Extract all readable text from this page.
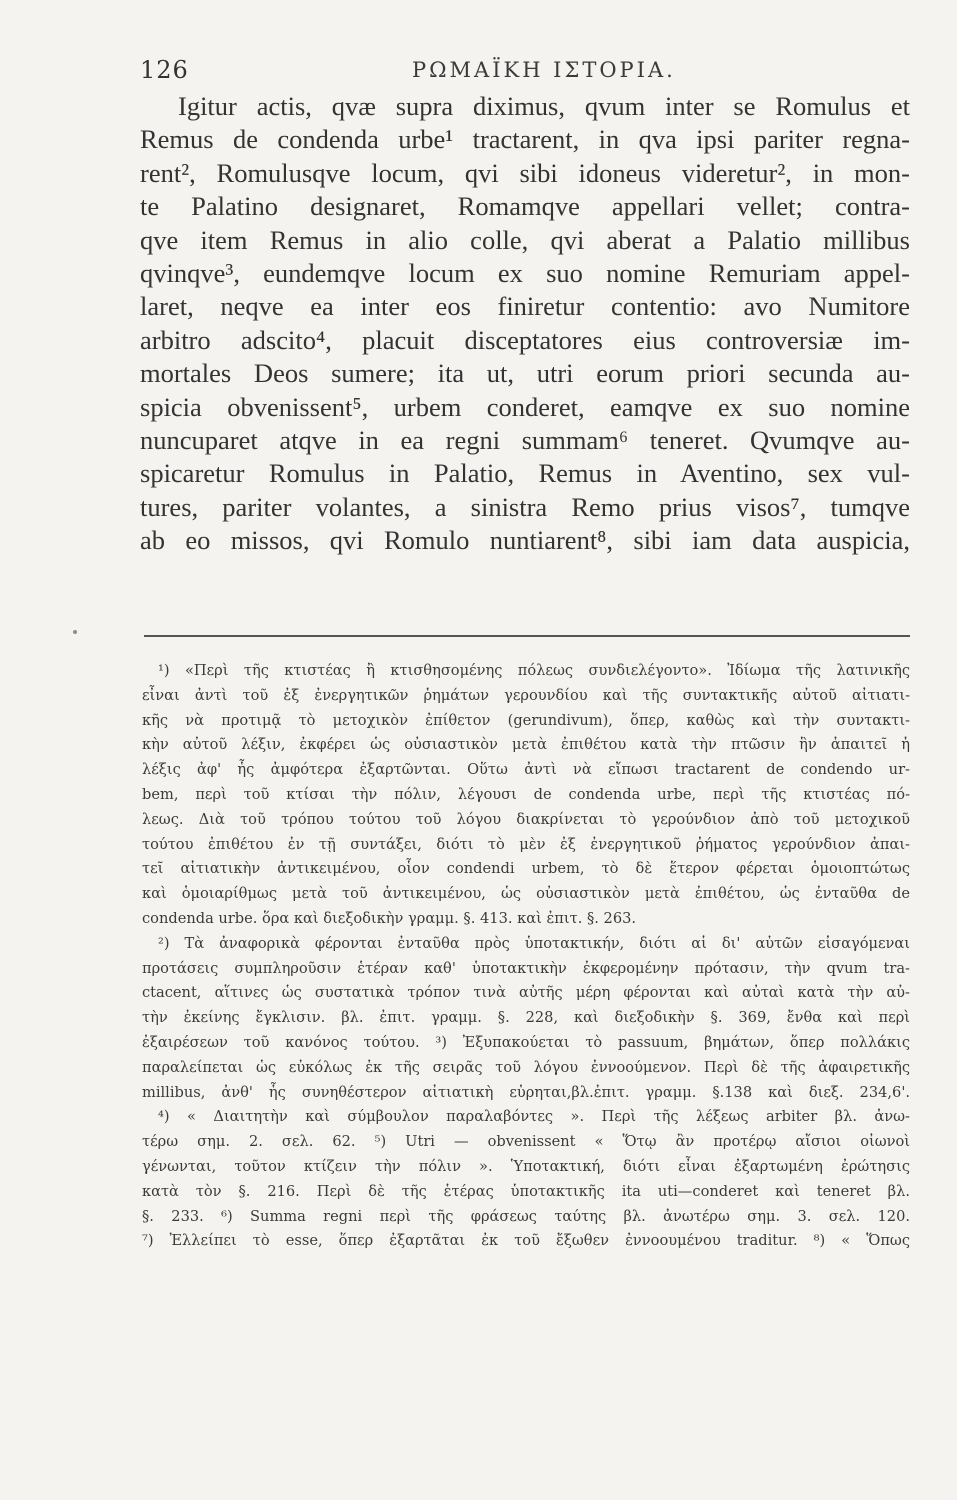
126	ΡΩΜΑΪΚΗ ΙΣΤΟΡΙΑ.
Igitur actis, qvæ supra diximus, qvum inter se Romulus et
Remus de condenda urbe¹ tractarent, in qva ipsi pariter regna-
rent², Romulusqve locum, qvi sibi idoneus videretur², in mon-
te Palatino designaret, Romamqve appellari vellet; contra-
qve item Remus in alio colle, qvi aberat a Palatio millibus
qvinqve³, eundemqve locum ex suo nomine Remuriam appel-
laret, neqve ea inter eos finiretur contentio: avo Numitore
arbitro adscito⁴, placuit disceptatores eius controversiæ im-
mortales Deos sumere; ita ut, utri eorum priori secunda au-
spicia obvenissent⁵, urbem conderet, eamqve ex suo nomine
nuncuparet atqve in ea regni summam⁶ teneret. Qvumqve au-
spicaretur Romulus in Palatio, Remus in Aventino, sex vul-
tures, pariter volantes, a sinistra Remo prius visos⁷, tumqve
ab eo missos, qvi Romulo nuntiarent⁸, sibi iam data auspicia,
¹) «Περὶ τῆς κτιστέας ἢ κτισθησομένης πόλεως συνδιελέγοντο». Ἰδίωμα τῆς λατινικῆς
εἶναι ἀντὶ τοῦ ἐξ ἐνεργητικῶν ῥημάτων γερουνδίου καὶ τῆς συντακτικῆς αὐτοῦ αἰτιατι-
κῆς νὰ προτιμᾷ τὸ μετοχικὸν ἐπίθετον (gerundivum), ὅπερ, καθὼς καὶ τὴν συντακτι-
κὴν αὐτοῦ λέξιν, ἐκφέρει ὡς οὐσιαστικὸν μετὰ ἐπιθέτου κατὰ τὴν πτῶσιν ἣν ἀπαιτεῖ ἡ
λέξις ἀφ' ἧς ἀμφότερα ἐξαρτῶνται. Οὕτω ἀντὶ νὰ εἴπωσι tractarent de condendo ur-
bem, περὶ τοῦ κτίσαι τὴν πόλιν, λέγουσι de condenda urbe, περὶ τῆς κτιστέας πό-
λεως. Διὰ τοῦ τρόπου τούτου τοῦ λόγου διακρίνεται τὸ γερούνδιον ἀπὸ τοῦ μετοχικοῦ
τούτου ἐπιθέτου ἐν τῇ συντάξει, διότι τὸ μὲν ἐξ ἐνεργητικοῦ ῥήματος γερούνδιον ἀπαι-
τεῖ αἰτιατικὴν ἀντικειμένου, οἷον condendi urbem, τὸ δὲ ἕτερον φέρεται ὁμοιοπτώτως
καὶ ὁμοιαρίθμως μετὰ τοῦ ἀντικειμένου, ὡς οὐσιαστικὸν μετὰ ἐπιθέτου, ὡς ἐνταῦθα de
condenda urbe. ὅρα καὶ διεξοδικὴν γραμμ. §. 413. καὶ ἐπιτ. §. 263.
²) Τὰ ἀναφορικὰ φέρονται ἐνταῦθα πρὸς ὑποτακτικήν, διότι αἱ δι' αὐτῶν εἰσαγόμεναι
προτάσεις συμπληροῦσιν ἑτέραν καθ' ὑποτακτικὴν ἐκφερομένην πρότασιν, τὴν qvum tra-
ctacent, αἵτινες ὡς συστατικὰ τρόπον τινὰ αὐτῆς μέρη φέρονται καὶ αὐταὶ κατὰ τὴν αὐ-
τὴν ἐκείνης ἔγκλισιν. βλ. ἐπιτ. γραμμ. §. 228, καὶ διεξοδικὴν §. 369, ἔνθα καὶ περὶ
ἐξαιρέσεων τοῦ κανόνος τούτου. ³) Ἐξυπακούεται τὸ passuum, βημάτων, ὅπερ πολλάκις
παραλείπεται ὡς εὐκόλως ἐκ τῆς σειρᾶς τοῦ λόγου ἐννοούμενον. Περὶ δὲ τῆς ἀφαιρετικῆς
millibus, ἀνθ' ἧς συνηθέστερον αἰτιατικὴ εὑρηται,βλ.ἐπιτ. γραμμ. §.138 καὶ διεξ. 234,6'.
⁴) « Διαιτητὴν καὶ σύμβουλον παραλαβόντες ». Περὶ τῆς λέξεως arbiter βλ. ἀνω-
τέρω σημ. 2. σελ. 62. ⁵) Utri — obvenissent « Ὅτῳ ἂν προτέρῳ αἴσιοι οἰωνοὶ
γένωνται, τοῦτον κτίζειν τὴν πόλιν ». Ὑποτακτική, διότι εἶναι ἐξαρτωμένη ἐρώτησις
κατὰ τὸν §. 216. Περὶ δὲ τῆς ἑτέρας ὑποτακτικῆς ita uti—conderet καὶ teneret βλ.
§. 233. ⁶) Summa regni περὶ τῆς φράσεως ταύτης βλ. ἀνωτέρω σημ. 3. σελ. 120.
⁷) Ἐλλείπει τὸ esse, ὅπερ ἐξαρτᾶται ἐκ τοῦ ἔξωθεν ἐννοουμένου traditur. ⁸) « Ὅπως
